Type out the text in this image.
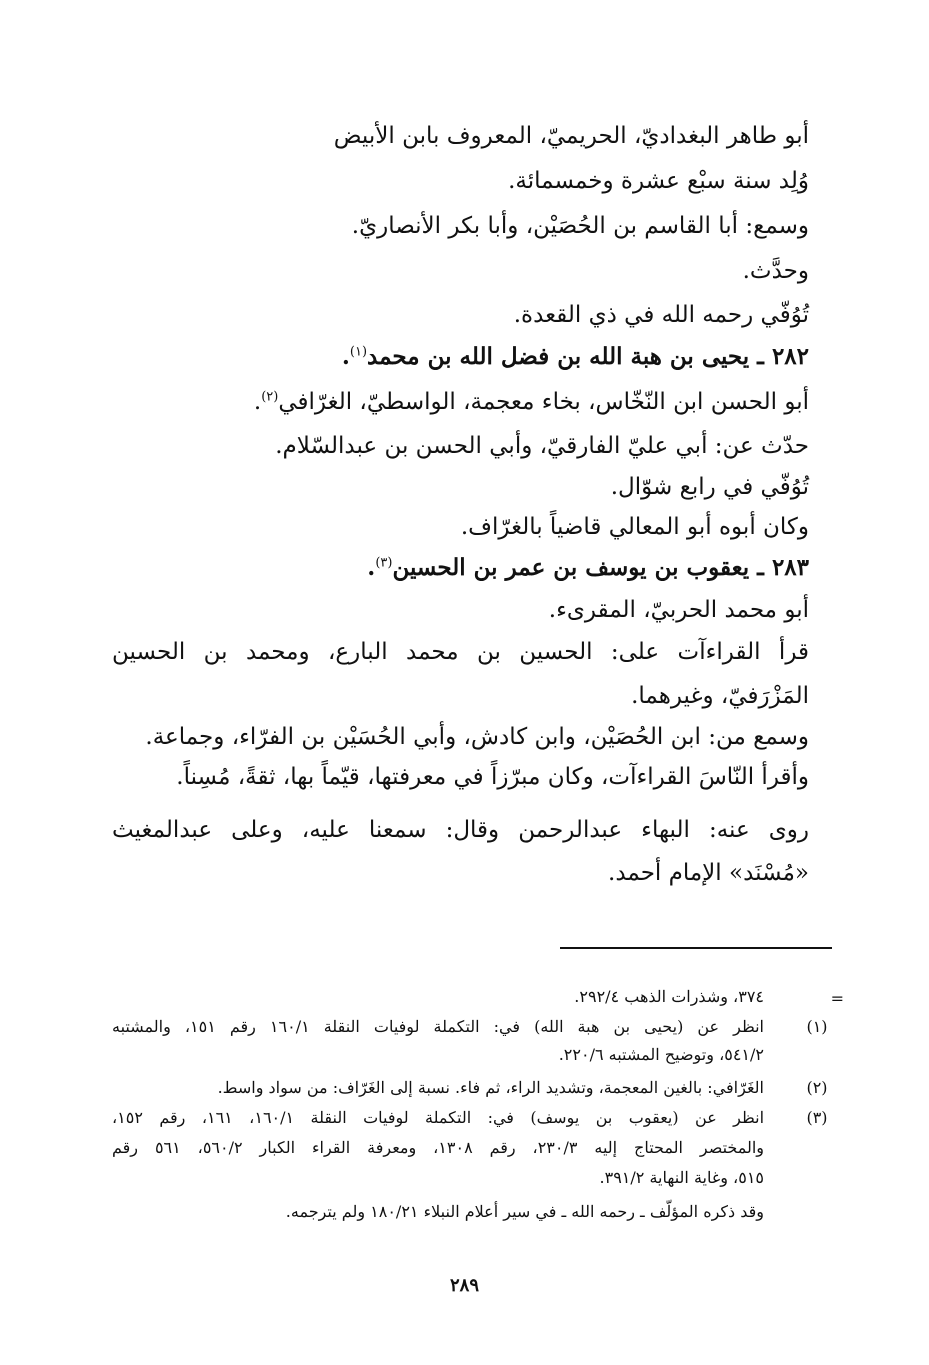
أبو طاهر البغداديّ، الحريميّ، المعروف بابن الأبيض
وُلِد سنة سبْع عشرة وخمسمائة.
وسمع: أبا القاسم بن الحُصَيْن، وأبا بكر الأنصاريّ.
وحدَّث.
تُوُفّي رحمه الله في ذي القعدة.
٢٨٢ ـ يحيى بن هبة الله بن فضل الله بن محمد$^{(١)}$.
أبو الحسن ابن النّخّاس، بخاء معجمة، الواسطيّ، الغرّافي$^{(٢)}$.
حدّث عن: أبي عليّ الفارقيّ، وأبي الحسن بن عبدالسّلام.
تُوُفّي في رابع شوّال.
وكان أبوه أبو المعالي قاضياً بالغرّاف.
٢٨٣ ـ يعقوب بن يوسف بن عمر بن الحسين$^{(٣)}$.
أبو محمد الحربيّ، المقرىء.
قرأ القراءآت على: الحسين بن محمد البارع، ومحمد بن الحسين
المَزْرَفيّ، وغيرهما.
وسمع من: ابن الحُصَيْن، وابن كادش، وأبي الحُسَيْن بن الفرّاء، وجماعة.
وأقرأ النّاسَ القراءآت، وكان مبرّزاً في معرفتها، قيّماً بها، ثقةً، مُسِناً.
روى عنه: البهاء عبدالرحمن وقال: سمعنا عليه، وعلى عبدالمغيث
«مُسْنَد» الإمام أحمد.
=
٣٧٤، وشذرات الذهب ٢٩٢/٤.
(١)
انظر عن (يحيى بن هبة الله) في: التكملة لوفيات النقلة ١٦٠/١ رقم ١٥١، والمشتبه
٥٤١/٢، وتوضيح المشتبه ٢٢٠/٦.
(٢)
الغَرّافي: بالغين المعجمة، وتشديد الراء، ثم فاء. نسبة إلى الغَرّاف: من سواد واسط.
(٣)
انظر عن (يعقوب بن يوسف) في: التكملة لوفيات النقلة ١٦٠/١، ١٦١، رقم ١٥٢،
والمختصر المحتاج إليه ٢٣٠/٣، رقم ١٣٠٨، ومعرفة القراء الكبار ٥٦٠/٢، ٥٦١ رقم
٥١٥، وغاية النهاية ٣٩١/٢.
وقد ذكره المؤلّف ـ رحمه الله ـ في سير أعلام النبلاء ١٨٠/٢١ ولم يترجمه.
٢٨٩
